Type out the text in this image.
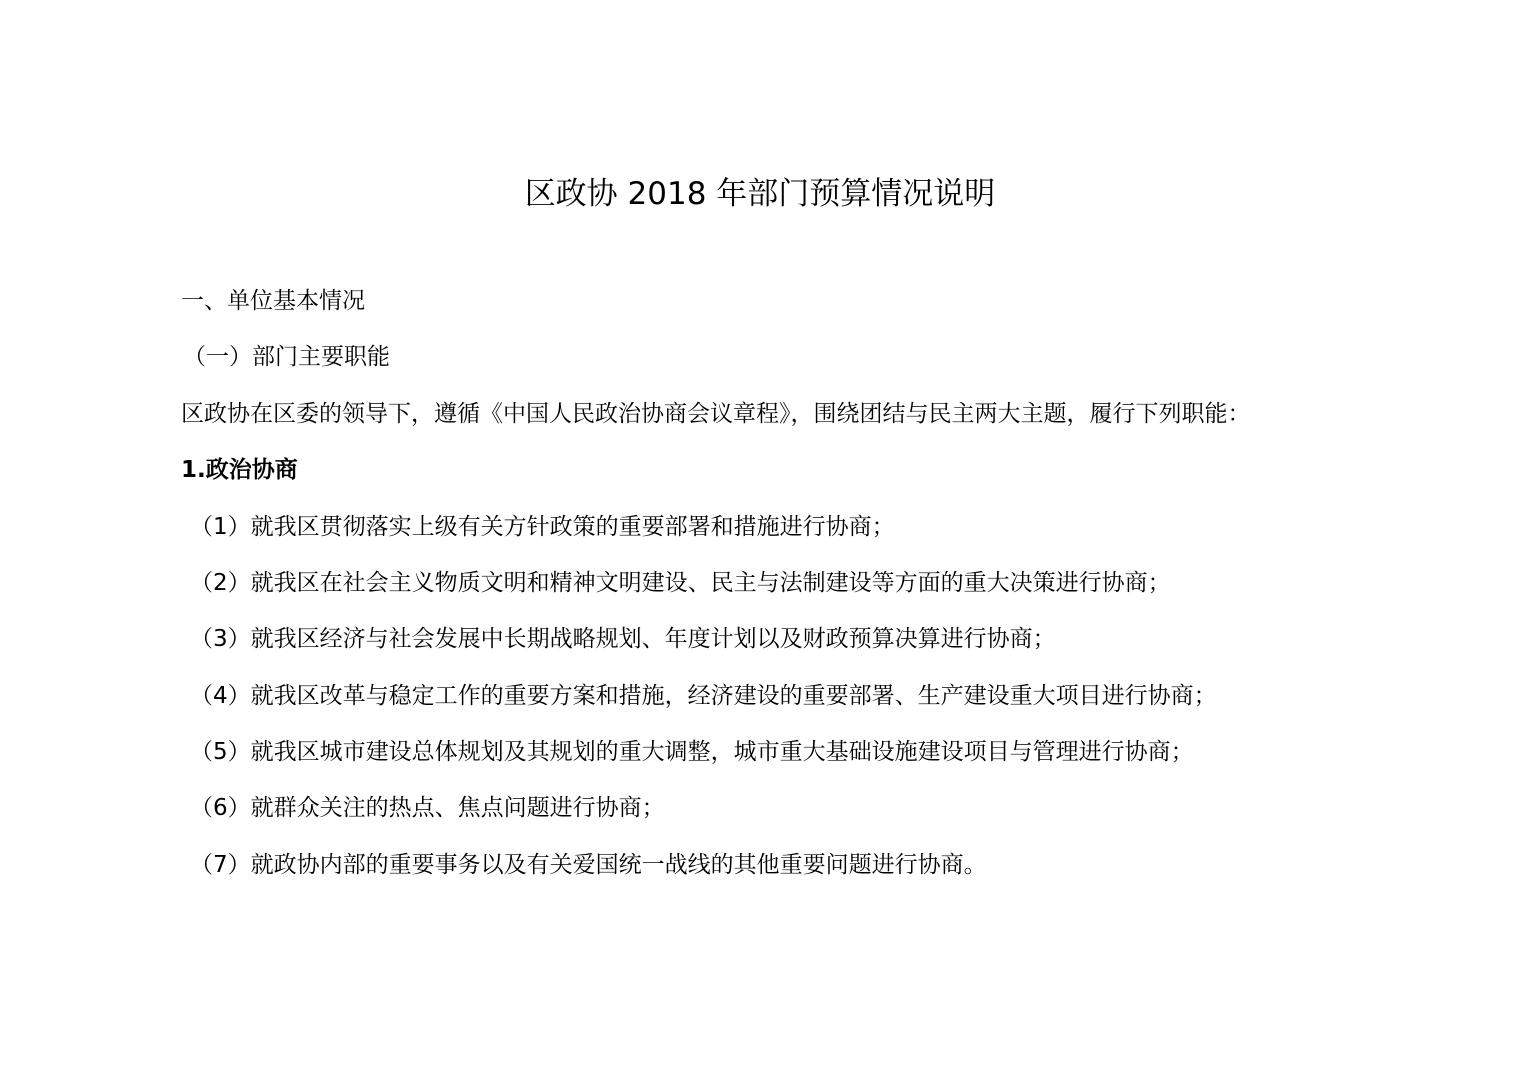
区政协 2018 年部门预算情况说明
一、单位基本情况
（一）部门主要职能
区政协在区委的领导下，遵循《中国人民政治协商会议章程》，围绕团结与民主两大主题，履行下列职能：
1.政治协商
（1）就我区贯彻落实上级有关方针政策的重要部署和措施进行协商；
（2）就我区在社会主义物质文明和精神文明建设、民主与法制建设等方面的重大决策进行协商；
（3）就我区经济与社会发展中长期战略规划、年度计划以及财政预算决算进行协商；
（4）就我区改革与稳定工作的重要方案和措施，经济建设的重要部署、生产建设重大项目进行协商；
（5）就我区城市建设总体规划及其规划的重大调整，城市重大基础设施建设项目与管理进行协商；
（6）就群众关注的热点、焦点问题进行协商；
（7）就政协内部的重要事务以及有关爱国统一战线的其他重要问题进行协商。
